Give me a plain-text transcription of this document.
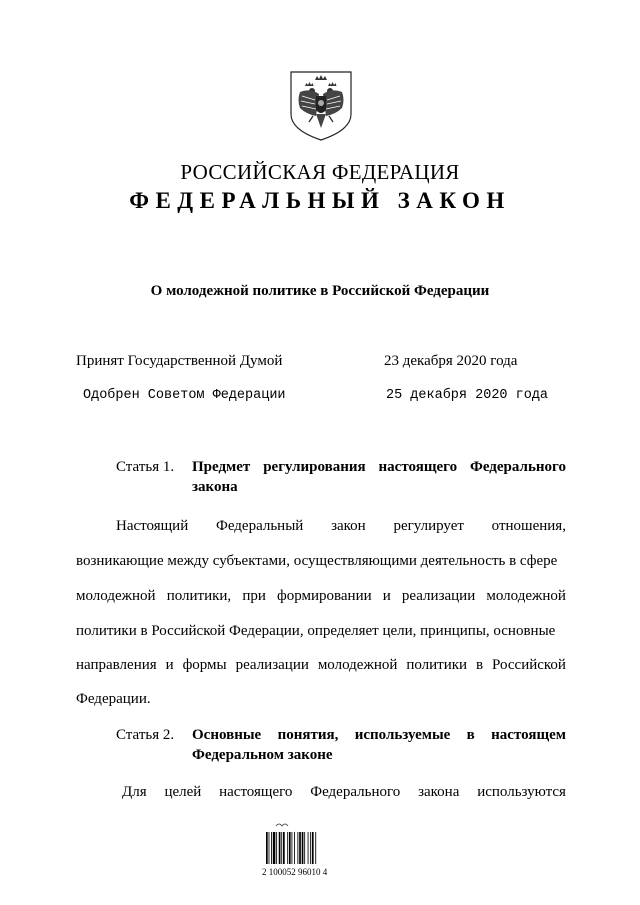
РОССИЙСКАЯ ФЕДЕРАЦИЯ
ФЕДЕРАЛЬНЫЙ ЗАКОН
О молодежной политике в Российской Федерации
Принят Государственной Думой	23 декабря 2020 года
Одобрен Советом Федерации	25 декабря 2020 года
Статья 1. Предмет регулирования настоящего Федерального
закона
Настоящий Федеральный закон регулирует отношения,
возникающие между субъектами, осуществляющими деятельность в сфере
молодежной политики, при формировании и реализации молодежной
политики в Российской Федерации, определяет цели, принципы, основные
направления и формы реализации молодежной политики в Российской
Федерации.
Статья 2. Основные понятия, используемые в настоящем
Федеральном законе
Для целей настоящего Федерального закона используются
2 100052 96010 4
